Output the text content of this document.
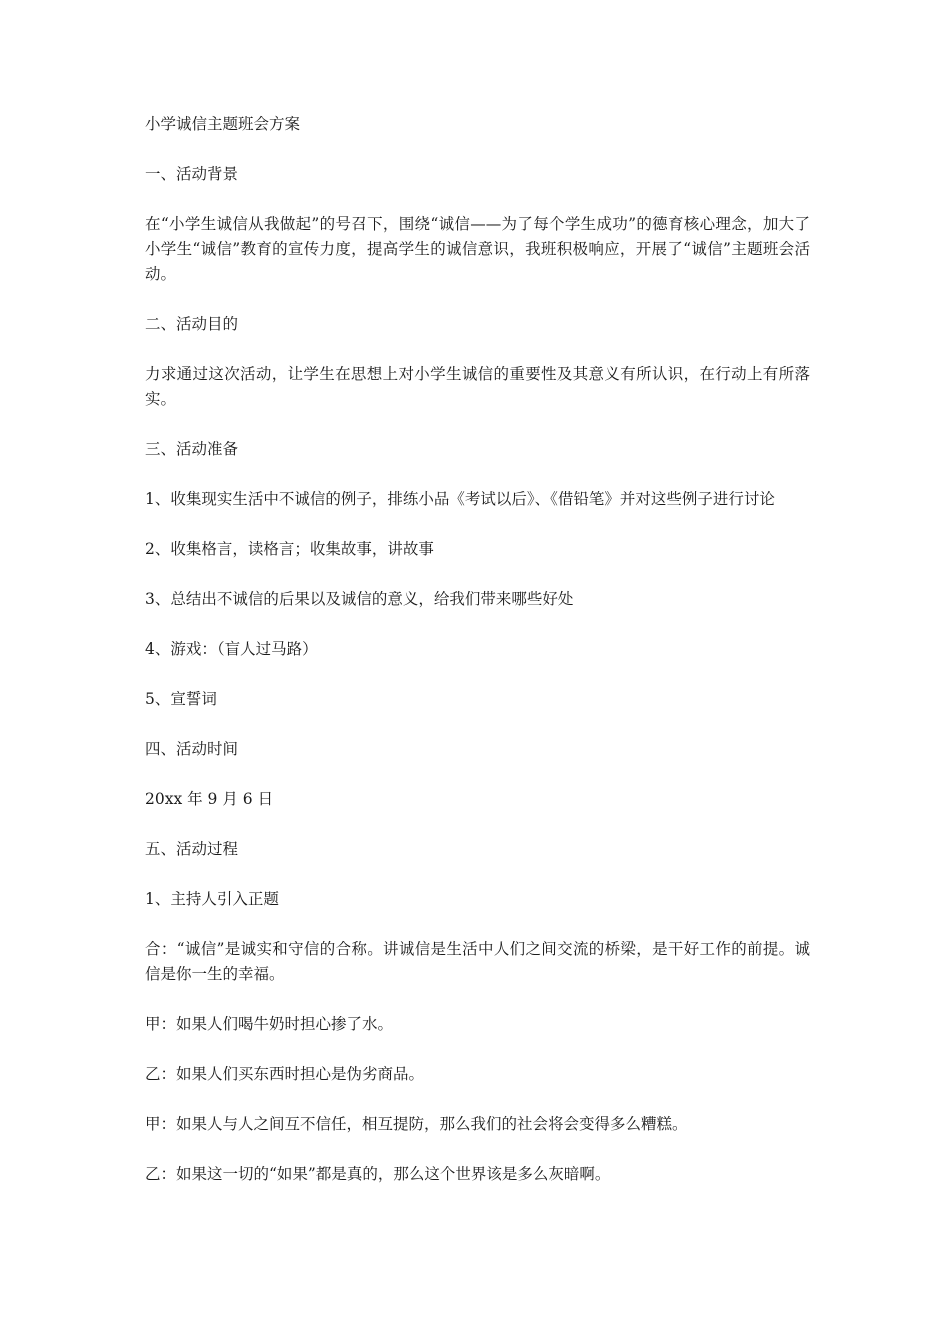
小学诚信主题班会方案

一、活动背景

在“小学生诚信从我做起”的号召下，围绕“诚信——为了每个学生成功”的德育核心理念，加大了小学生“诚信”教育的宣传力度，提高学生的诚信意识，我班积极响应，开展了“诚信”主题班会活动。

二、活动目的

力求通过这次活动，让学生在思想上对小学生诚信的重要性及其意义有所认识，在行动上有所落实。

三、活动准备

1、收集现实生活中不诚信的例子，排练小品《考试以后》、《借铅笔》并对这些例子进行讨论

2、收集格言，读格言；收集故事，讲故事

3、总结出不诚信的后果以及诚信的意义，给我们带来哪些好处

4、游戏：（盲人过马路）

5、宣誓词

四、活动时间

20xx 年 9 月 6 日

五、活动过程

1、主持人引入正题

合：“诚信”是诚实和守信的合称。讲诚信是生活中人们之间交流的桥梁，是干好工作的前提。诚信是你一生的幸福。

甲：如果人们喝牛奶时担心掺了水。

乙：如果人们买东西时担心是伪劣商品。

甲：如果人与人之间互不信任，相互提防，那么我们的社会将会变得多么糟糕。

乙：如果这一切的“如果”都是真的，那么这个世界该是多么灰暗啊。
